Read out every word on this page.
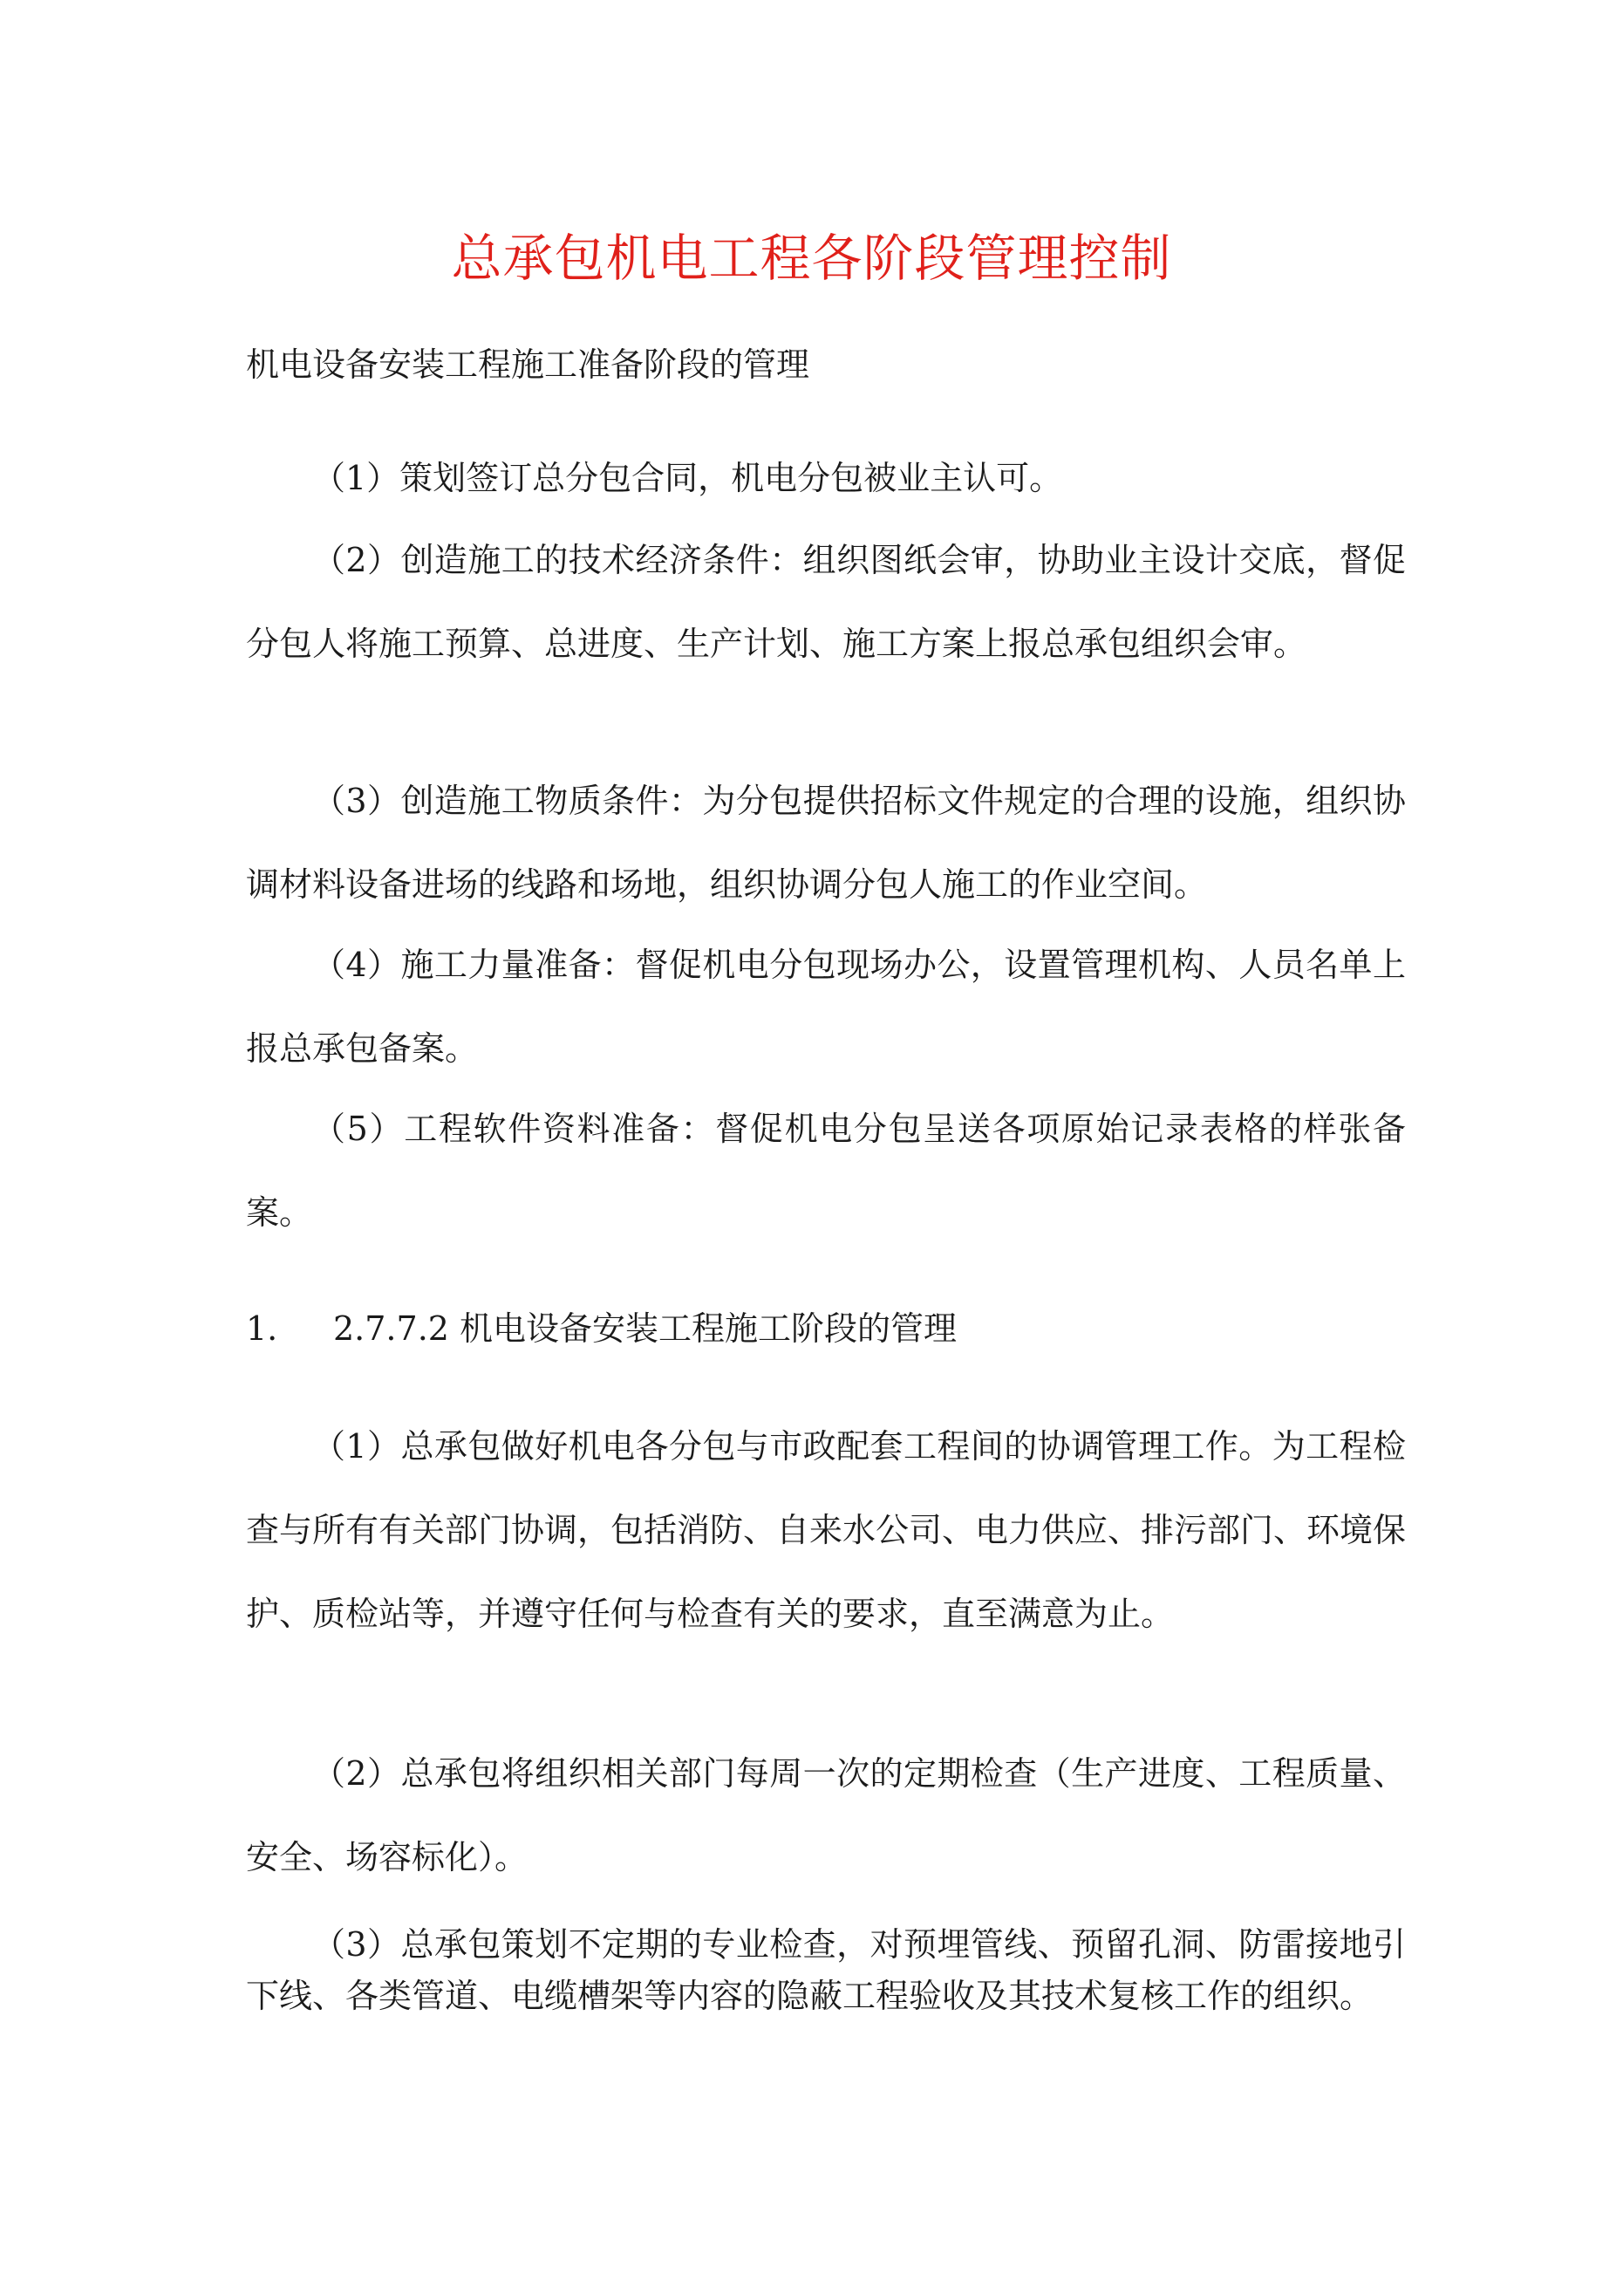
总承包机电工程各阶段管理控制

机电设备安装工程施工准备阶段的管理

（1）策划签订总分包合同，机电分包被业主认可。

（2）创造施工的技术经济条件：组织图纸会审，协助业主设计交底，督促分包人将施工预算、总进度、生产计划、施工方案上报总承包组织会审。

（3）创造施工物质条件：为分包提供招标文件规定的合理的设施，组织协调材料设备进场的线路和场地，组织协调分包人施工的作业空间。

（4）施工力量准备：督促机电分包现场办公，设置管理机构、人员名单上报总承包备案。

（5）工程软件资料准备：督促机电分包呈送各项原始记录表格的样张备案。

1. 2.7.7.2 机电设备安装工程施工阶段的管理

（1）总承包做好机电各分包与市政配套工程间的协调管理工作。为工程检查与所有有关部门协调，包括消防、自来水公司、电力供应、排污部门、环境保护、质检站等，并遵守任何与检查有关的要求，直至满意为止。

（2）总承包将组织相关部门每周一次的定期检查（生产进度、工程质量、安全、场容标化）。

（3）总承包策划不定期的专业检查，对预埋管线、预留孔洞、防雷接地引下线、各类管道、电缆槽架等内容的隐蔽工程验收及其技术复核工作的组织。
